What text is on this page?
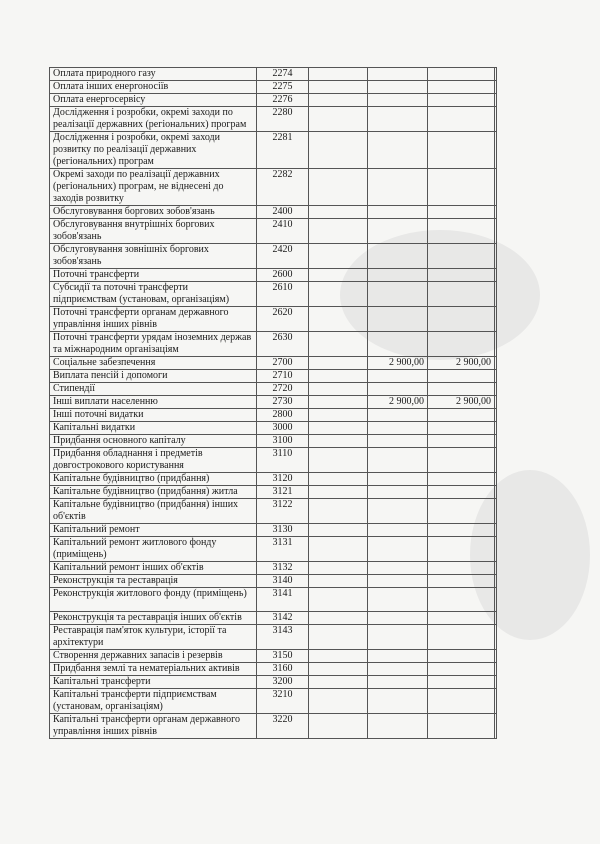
Оплата природного газу	2274				
Оплата інших енергоносіїв	2275				
Оплата енергосервісу	2276				
Дослідження і розробки, окремі заходи по реалізації державних (регіональних) програм	2280				
Дослідження і розробки, окремі заходи розвитку по реалізації державних (регіональних) програм	2281				
Окремі заходи по реалізації державних (регіональних) програм, не віднесені до заходів розвитку	2282				
Обслуговування боргових зобов'язань	2400				
Обслуговування внутрішніх боргових зобов'язань	2410				
Обслуговування зовнішніх боргових зобов'язань	2420				
Поточні трансферти	2600				
Субсидії та поточні трансферти підприємствам (установам, організаціям)	2610				
Поточні трансферти органам державного управління інших рівнів	2620				
Поточні трансферти урядам іноземних держав та міжнародним організаціям	2630				
Соціальне забезпечення	2700		2 900,00	2 900,00	
Виплата пенсій і допомоги	2710				
Стипендії	2720				
Інші виплати населенню	2730		2 900,00	2 900,00	
Інші поточні видатки	2800				
Капітальні видатки	3000				
Придбання основного капіталу	3100				
Придбання обладнання і предметів довгострокового користування	3110				
Капітальне будівництво (придбання)	3120				
Капітальне будівництво (придбання) житла	3121				
Капітальне будівництво (придбання) інших об'єктів	3122				
Капітальний ремонт	3130				
Капітальний ремонт житлового фонду (приміщень)	3131				
Капітальний ремонт інших об'єктів	3132				
Реконструкція та реставрація	3140				
Реконструкція житлового фонду (приміщень)	3141				
Реконструкція та реставрація інших об'єктів	3142				
Реставрація пам'яток культури, історії та архітектури	3143				
Створення державних запасів і резервів	3150				
Придбання землі та нематеріальних активів	3160				
Капітальні трансферти	3200				
Капітальні трансферти підприємствам (установам, організаціям)	3210				
Капітальні трансферти органам державного управління інших рівнів	3220				
